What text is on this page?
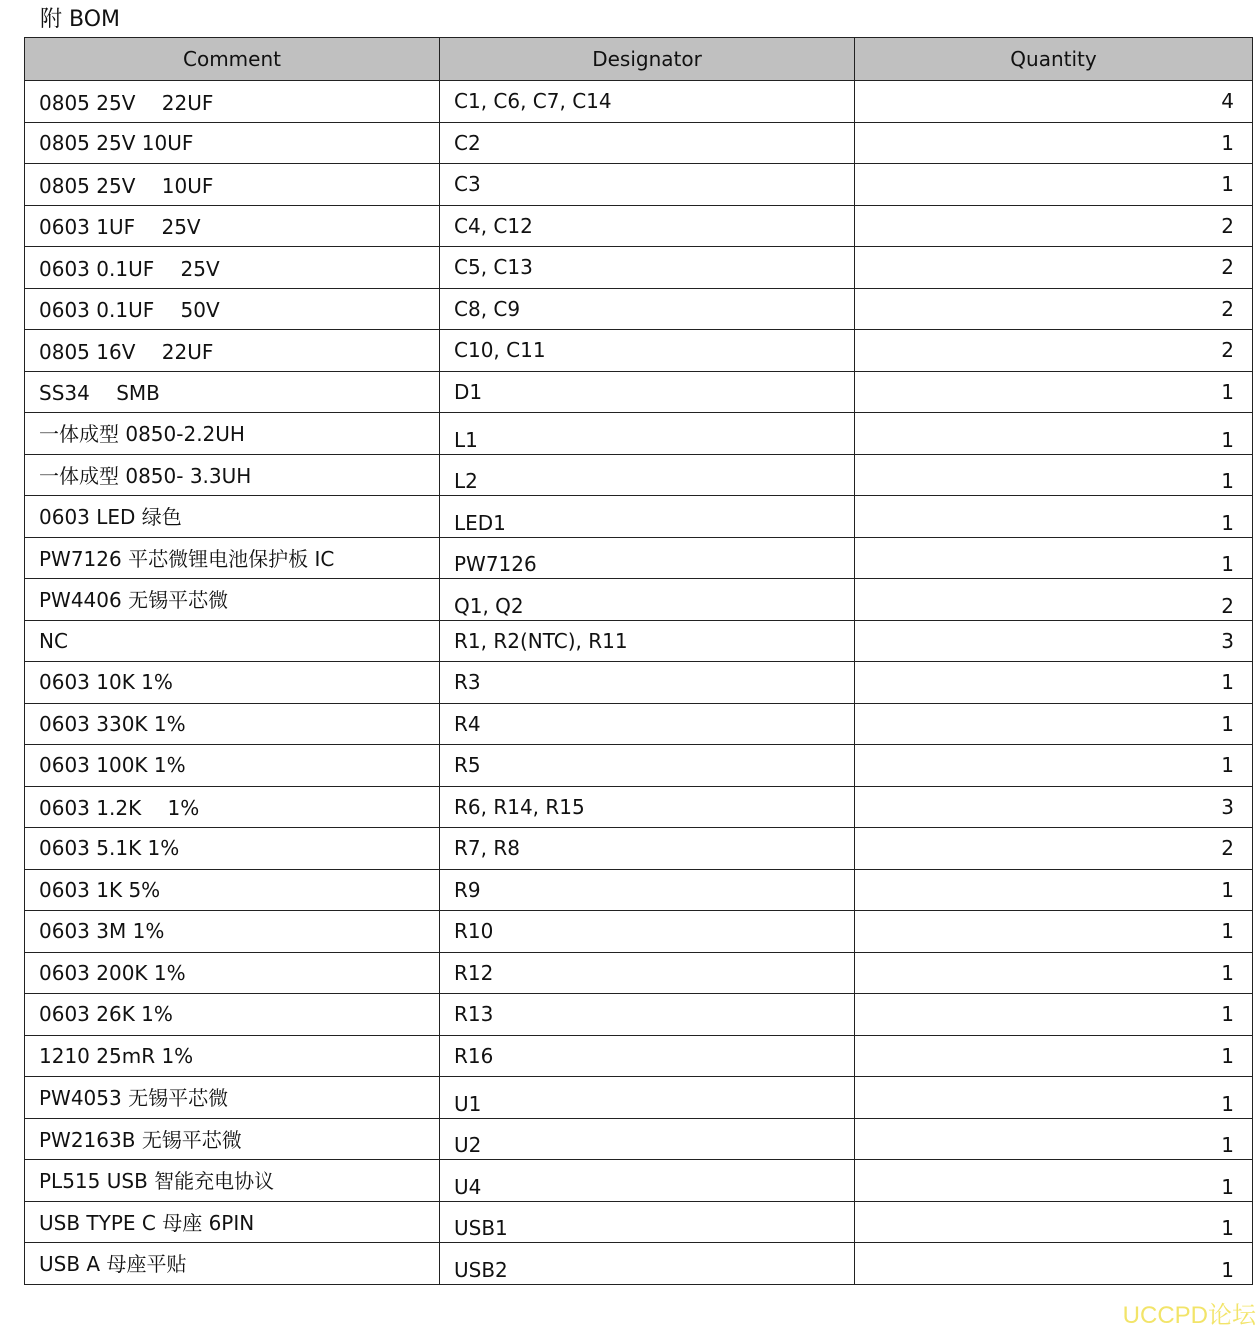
附 BOM
Comment	Designator	Quantity
0805 25V　 22UF	C1, C6, C7, C14	4
0805 25V 10UF	C2	1
0805 25V　 10UF	C3	1
0603 1UF　 25V	C4, C12	2
0603 0.1UF　 25V	C5, C13	2
0603 0.1UF　 50V	C8, C9	2
0805 16V　 22UF	C10, C11	2
SS34　 SMB	D1	1
一体成型 0850-2.2UH	L1	1
一体成型 0850- 3.3UH	L2	1
0603 LED 绿色	LED1	1
PW7126 平芯微锂电池保护板 IC	PW7126	1
PW4406 无锡平芯微	Q1, Q2	2
NC	R1, R2(NTC), R11	3
0603 10K 1%	R3	1
0603 330K 1%	R4	1
0603 100K 1%	R5	1
0603 1.2K　 1%	R6, R14, R15	3
0603 5.1K 1%	R7, R8	2
0603 1K 5%	R9	1
0603 3M 1%	R10	1
0603 200K 1%	R12	1
0603 26K 1%	R13	1
1210 25mR 1%	R16	1
PW4053 无锡平芯微	U1	1
PW2163B 无锡平芯微	U2	1
PL515 USB 智能充电协议	U4	1
USB TYPE C 母座 6PIN	USB1	1
USB A 母座平贴	USB2	1
UCCPD论坛
